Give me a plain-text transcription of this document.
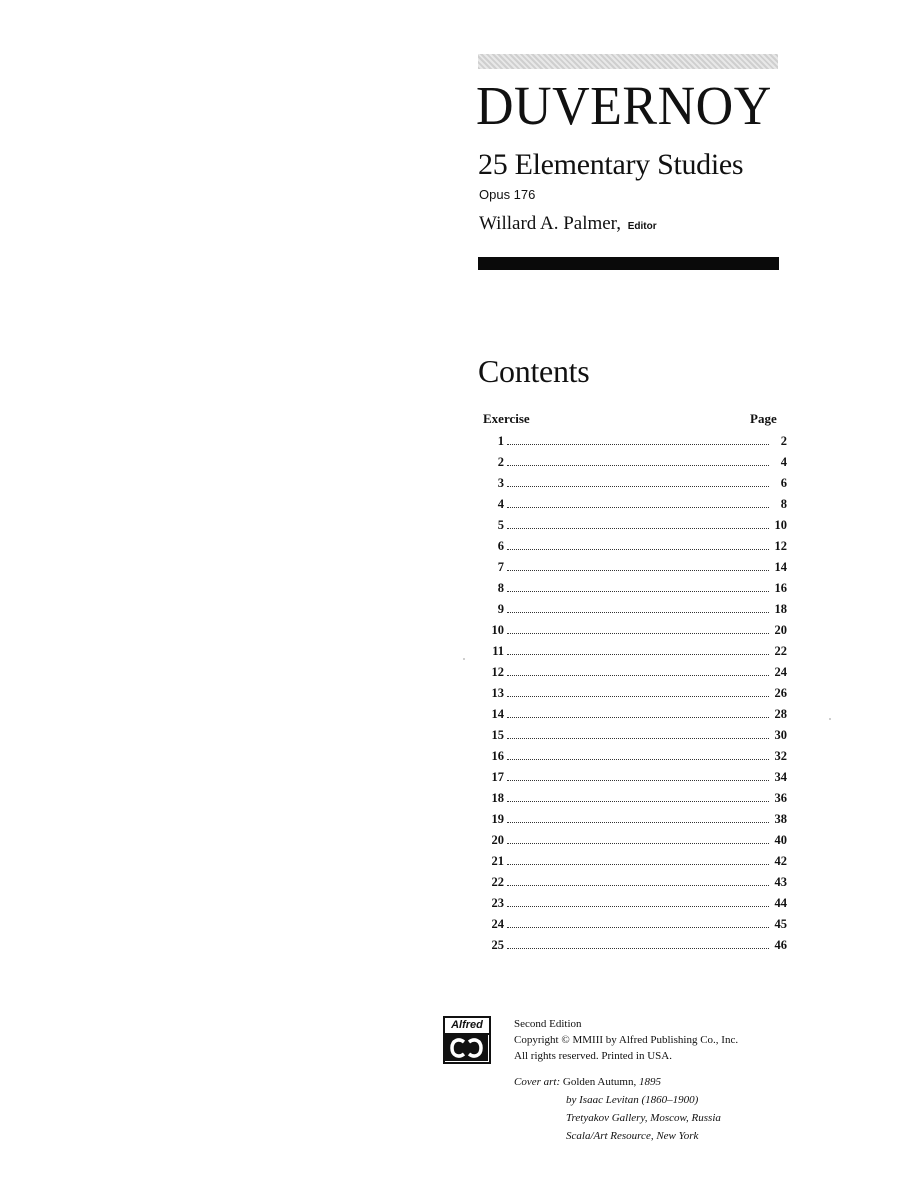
DUVERNOY
25 Elementary Studies
Opus 176
Willard A. Palmer, Editor
Contents
Exercise	Page
1	2
2	4
3	6
4	8
5	10
6	12
7	14
8	16
9	18
10	20
11	22
12	24
13	26
14	28
15	30
16	32
17	34
18	36
19	38
20	40
21	42
22	43
23	44
24	45
25	46
Alfred	Second Edition
Copyright © MMIII by Alfred Publishing Co., Inc.
All rights reserved. Printed in USA.
Cover art: Golden Autumn, 1895
by Isaac Levitan (1860–1900)
Tretyakov Gallery, Moscow, Russia
Scala/Art Resource, New York
